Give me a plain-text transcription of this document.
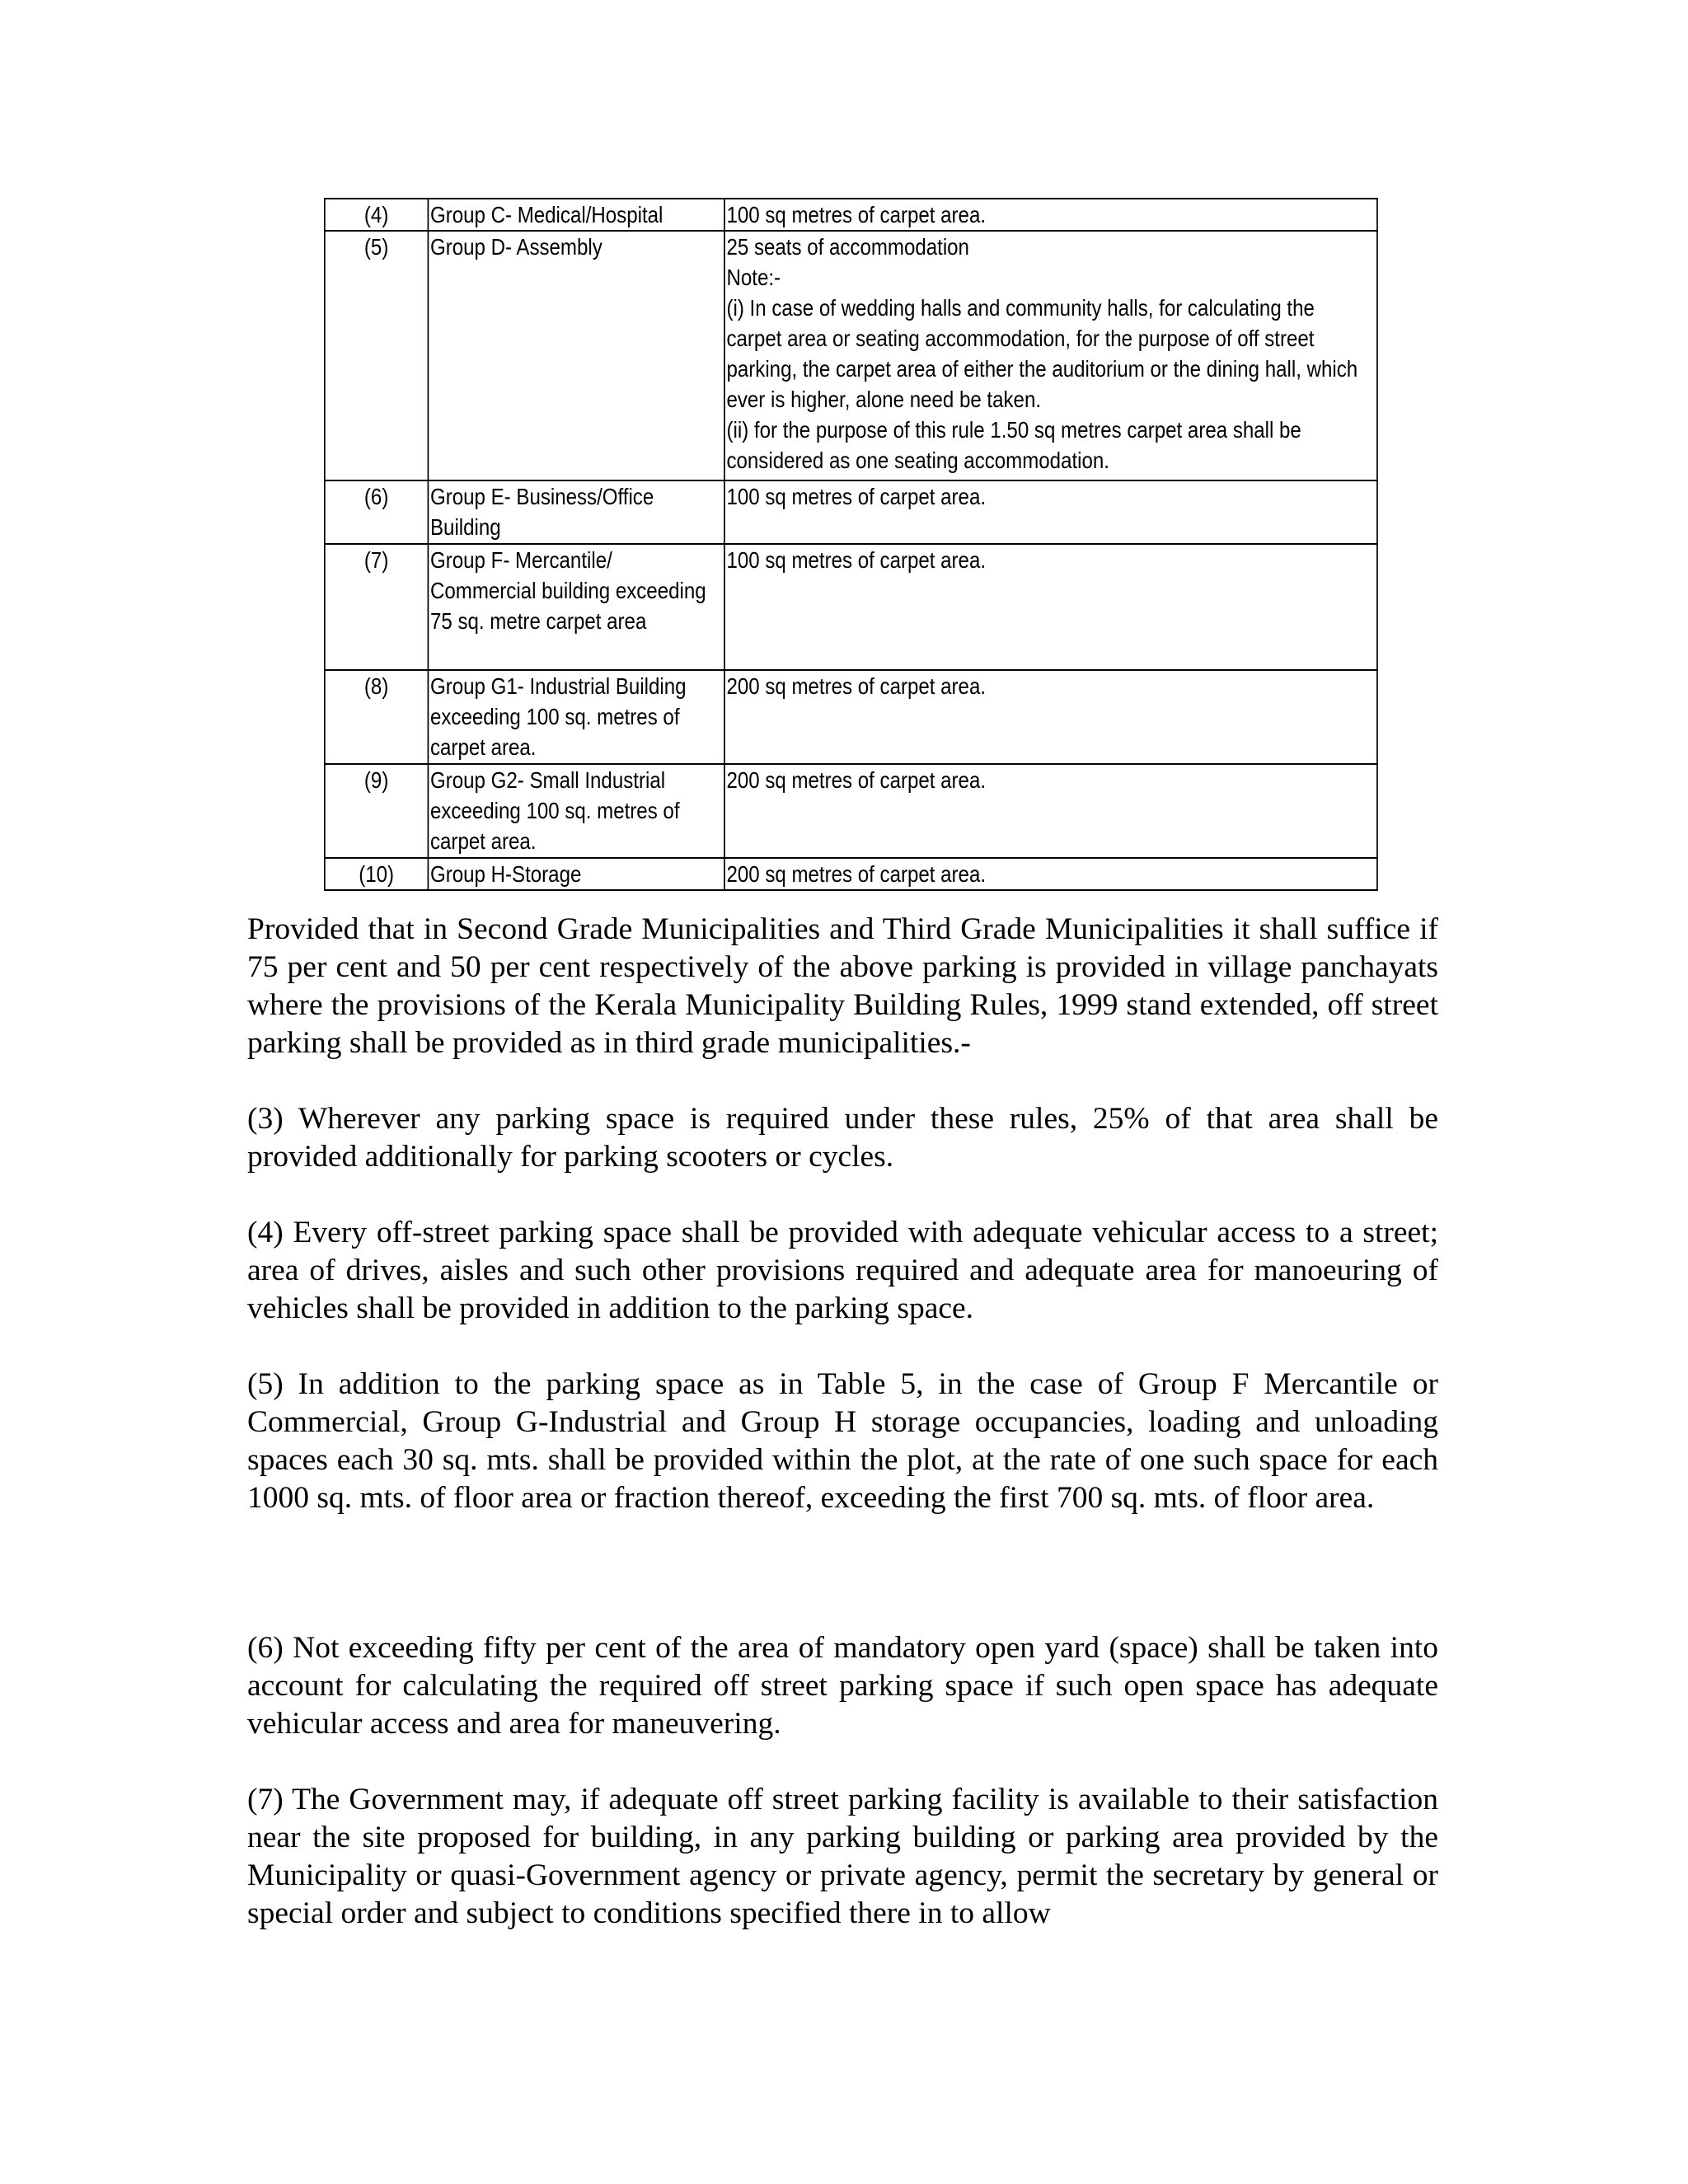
(4)	Group C- Medical/Hospital	100 sq metres of carpet area.

(5)	Group D- Assembly	25 seats of accommodation
Note:-
(i) In case of wedding halls and community halls, for calculating the carpet area or seating accommodation, for the purpose of off street parking, the carpet area of either the auditorium or the dining hall, which ever is higher, alone need be taken.
(ii) for the purpose of this rule 1.50 sq metres carpet area shall be considered as one seating accommodation.

(6)	Group E- Business/Office Building	100 sq metres of carpet area.

(7)	Group F- Mercantile/ Commercial building exceeding 75 sq. metre carpet area	100 sq metres of carpet area.

(8)	Group G1- Industrial Building exceeding 100 sq. metres of carpet area.	200 sq metres of carpet area.

(9)	Group G2- Small Industrial exceeding 100 sq. metres of carpet area.	200 sq metres of carpet area.

(10)	Group H-Storage	200 sq metres of carpet area.

Provided that in Second Grade Municipalities and Third Grade Municipalities it shall suffice if 75 per cent and 50 per cent respectively of the above parking is provided in village panchayats where the provisions of the Kerala Municipality Building Rules, 1999 stand extended, off street parking shall be provided as in third grade municipalities.-

(3) Wherever any parking space is required under these rules, 25% of that area shall be provided additionally for parking scooters or cycles.

(4) Every off-street parking space shall be provided with adequate vehicular access to a street; area of drives, aisles and such other provisions required and adequate area for manoeuring of vehicles shall be provided in addition to the parking space.

(5) In addition to the parking space as in Table 5, in the case of Group F Mercantile or Commercial, Group G-Industrial and Group H storage occupancies, loading and unloading spaces each 30 sq. mts. shall be provided within the plot, at the rate of one such space for each 1000 sq. mts. of floor area or fraction thereof, exceeding the first 700 sq. mts. of floor area.

(6) Not exceeding fifty per cent of the area of mandatory open yard (space) shall be taken into account for calculating the required off street parking space if such open space has adequate vehicular access and area for maneuvering.

(7) The Government may, if adequate off street parking facility is available to their satisfaction near the site proposed for building, in any parking building or parking area provided by the Municipality or quasi-Government agency or private agency, permit the secretary by general or special order and subject to conditions specified there in to allow
